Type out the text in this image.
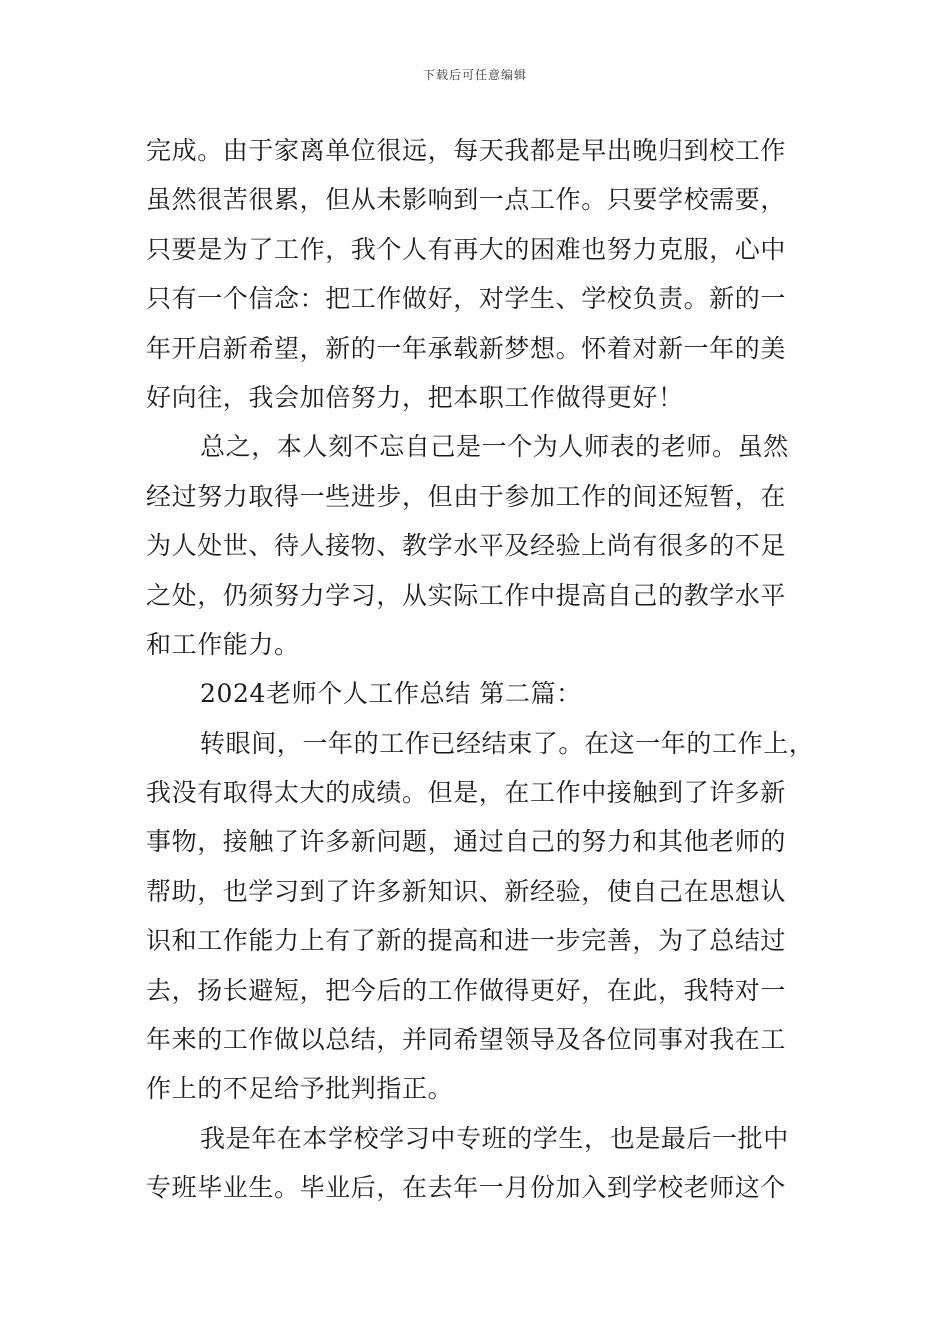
下载后可任意编辑
完成。由于家离单位很远，每天我都是早出晚归到校工作
虽然很苦很累，但从未影响到一点工作。只要学校需要，
只要是为了工作，我个人有再大的困难也努力克服，心中
只有一个信念：把工作做好，对学生、学校负责。新的一
年开启新希望，新的一年承载新梦想。怀着对新一年的美
好向往，我会加倍努力，把本职工作做得更好！
总之，本人刻不忘自己是一个为人师表的老师。虽然
经过努力取得一些进步，但由于参加工作的间还短暂，在
为人处世、待人接物、教学水平及经验上尚有很多的不足
之处，仍须努力学习，从实际工作中提高自己的教学水平
和工作能力。
2024老师个人工作总结 第二篇：
转眼间，一年的工作已经结束了。在这一年的工作上，
我没有取得太大的成绩。但是，在工作中接触到了许多新
事物，接触了许多新问题，通过自己的努力和其他老师的
帮助，也学习到了许多新知识、新经验，使自己在思想认
识和工作能力上有了新的提高和进一步完善，为了总结过
去，扬长避短，把今后的工作做得更好，在此，我特对一
年来的工作做以总结，并同希望领导及各位同事对我在工
作上的不足给予批判指正。
我是年在本学校学习中专班的学生，也是最后一批中
专班毕业生。毕业后，在去年一月份加入到学校老师这个
